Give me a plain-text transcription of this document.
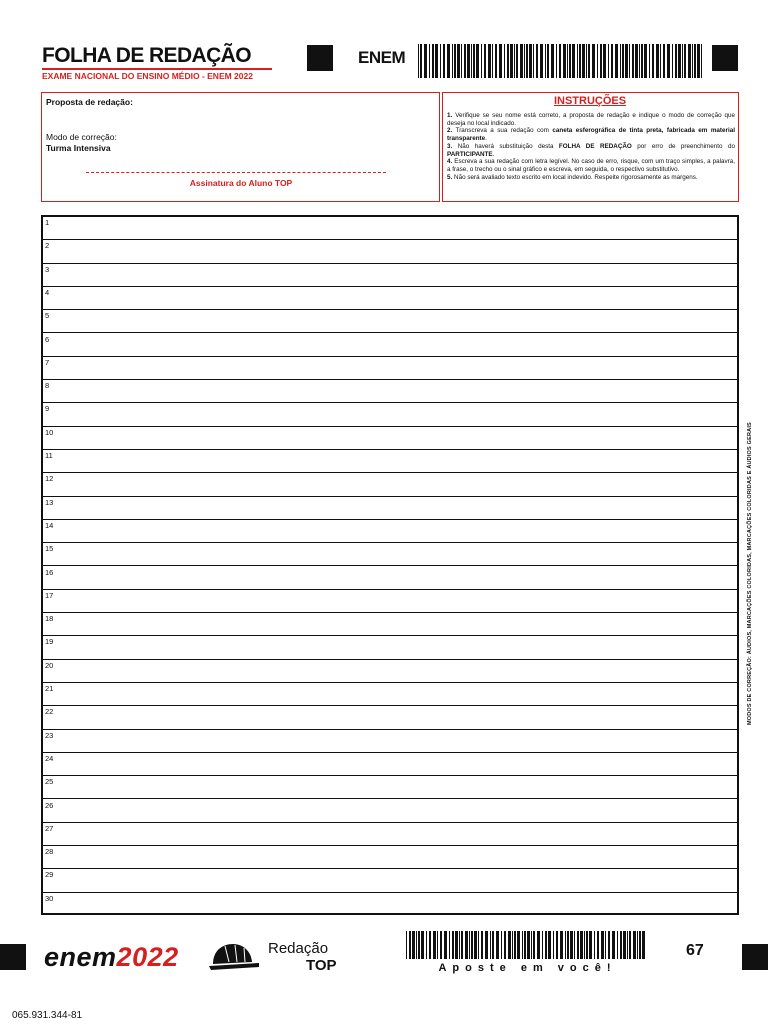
FOLHA DE REDAÇÃO
EXAME NACIONAL DO ENSINO MÉDIO - ENEM 2022
ENEM
Proposta de redação:
Modo de correção:
Turma Intensiva
Assinatura do Aluno TOP
INSTRUÇÕES

1. Verifique se seu nome está correto, a proposta de redação e indique o modo de correção que deseja no local indicado.

2. Transcreva a sua redação com caneta esferográfica de tinta preta, fabricada em material transparente.

3. Não haverá substituição desta FOLHA DE REDAÇÃO por erro de preenchimento do PARTICIPANTE.

4. Escreva a sua redação com letra legível. No caso de erro, risque, com um traço simples, a palavra, a frase, o trecho ou o sinal gráfico e escreva, em seguida, o respectivo substitutivo.

5. Não será avaliado texto escrito em local indevido. Respeite rigorosamente as margens.

1
2
3
4
5
6
7
8
9
10
11
12
13
14
15
16
17
18
19
20
21
22
23
24
25
26
27
28
29
30
MODOS DE CORREÇÃO: ÁUDIOS, MARCAÇÕES COLORIDAS, MARCAÇÕES COLORIDAS E ÁUDIOS GERAIS
enem2022	Redação
TOP	Aposte em você!
67
065.931.344-81
